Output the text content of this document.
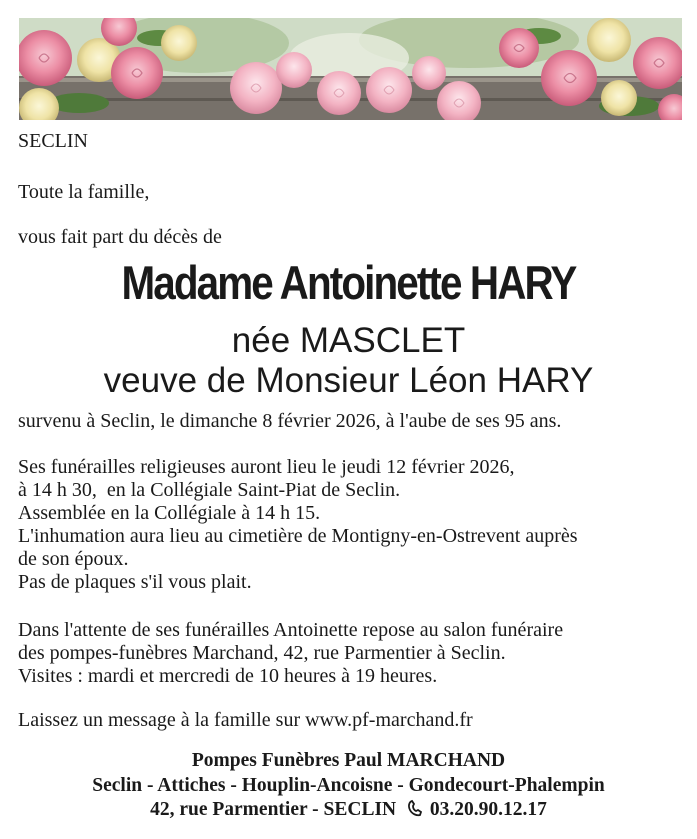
SECLIN
Toute la famille,
vous fait part du décès de
Madame Antoinette HARY
née MASCLET
veuve de Monsieur Léon HARY
survenu à Seclin, le dimanche 8 février 2026, à l'aube de ses 95 ans.
Ses funérailles religieuses auront lieu le jeudi 12 février 2026,
à 14 h 30,  en la Collégiale Saint-Piat de Seclin.
Assemblée en la Collégiale à 14 h 15.
L'inhumation aura lieu au cimetière de Montigny-en-Ostrevent auprès
de son époux.
Pas de plaques s'il vous plait.
Dans l'attente de ses funérailles Antoinette repose au salon funéraire
des pompes-funèbres Marchand, 42, rue Parmentier à Seclin.
Visites : mardi et mercredi de 10 heures à 19 heures.
Laissez un message à la famille sur www.pf-marchand.fr
Pompes Funèbres Paul MARCHAND
Seclin - Attiches - Houplin-Ancoisne - Gondecourt-Phalempin
42, rue Parmentier - SECLIN 03.20.90.12.17
